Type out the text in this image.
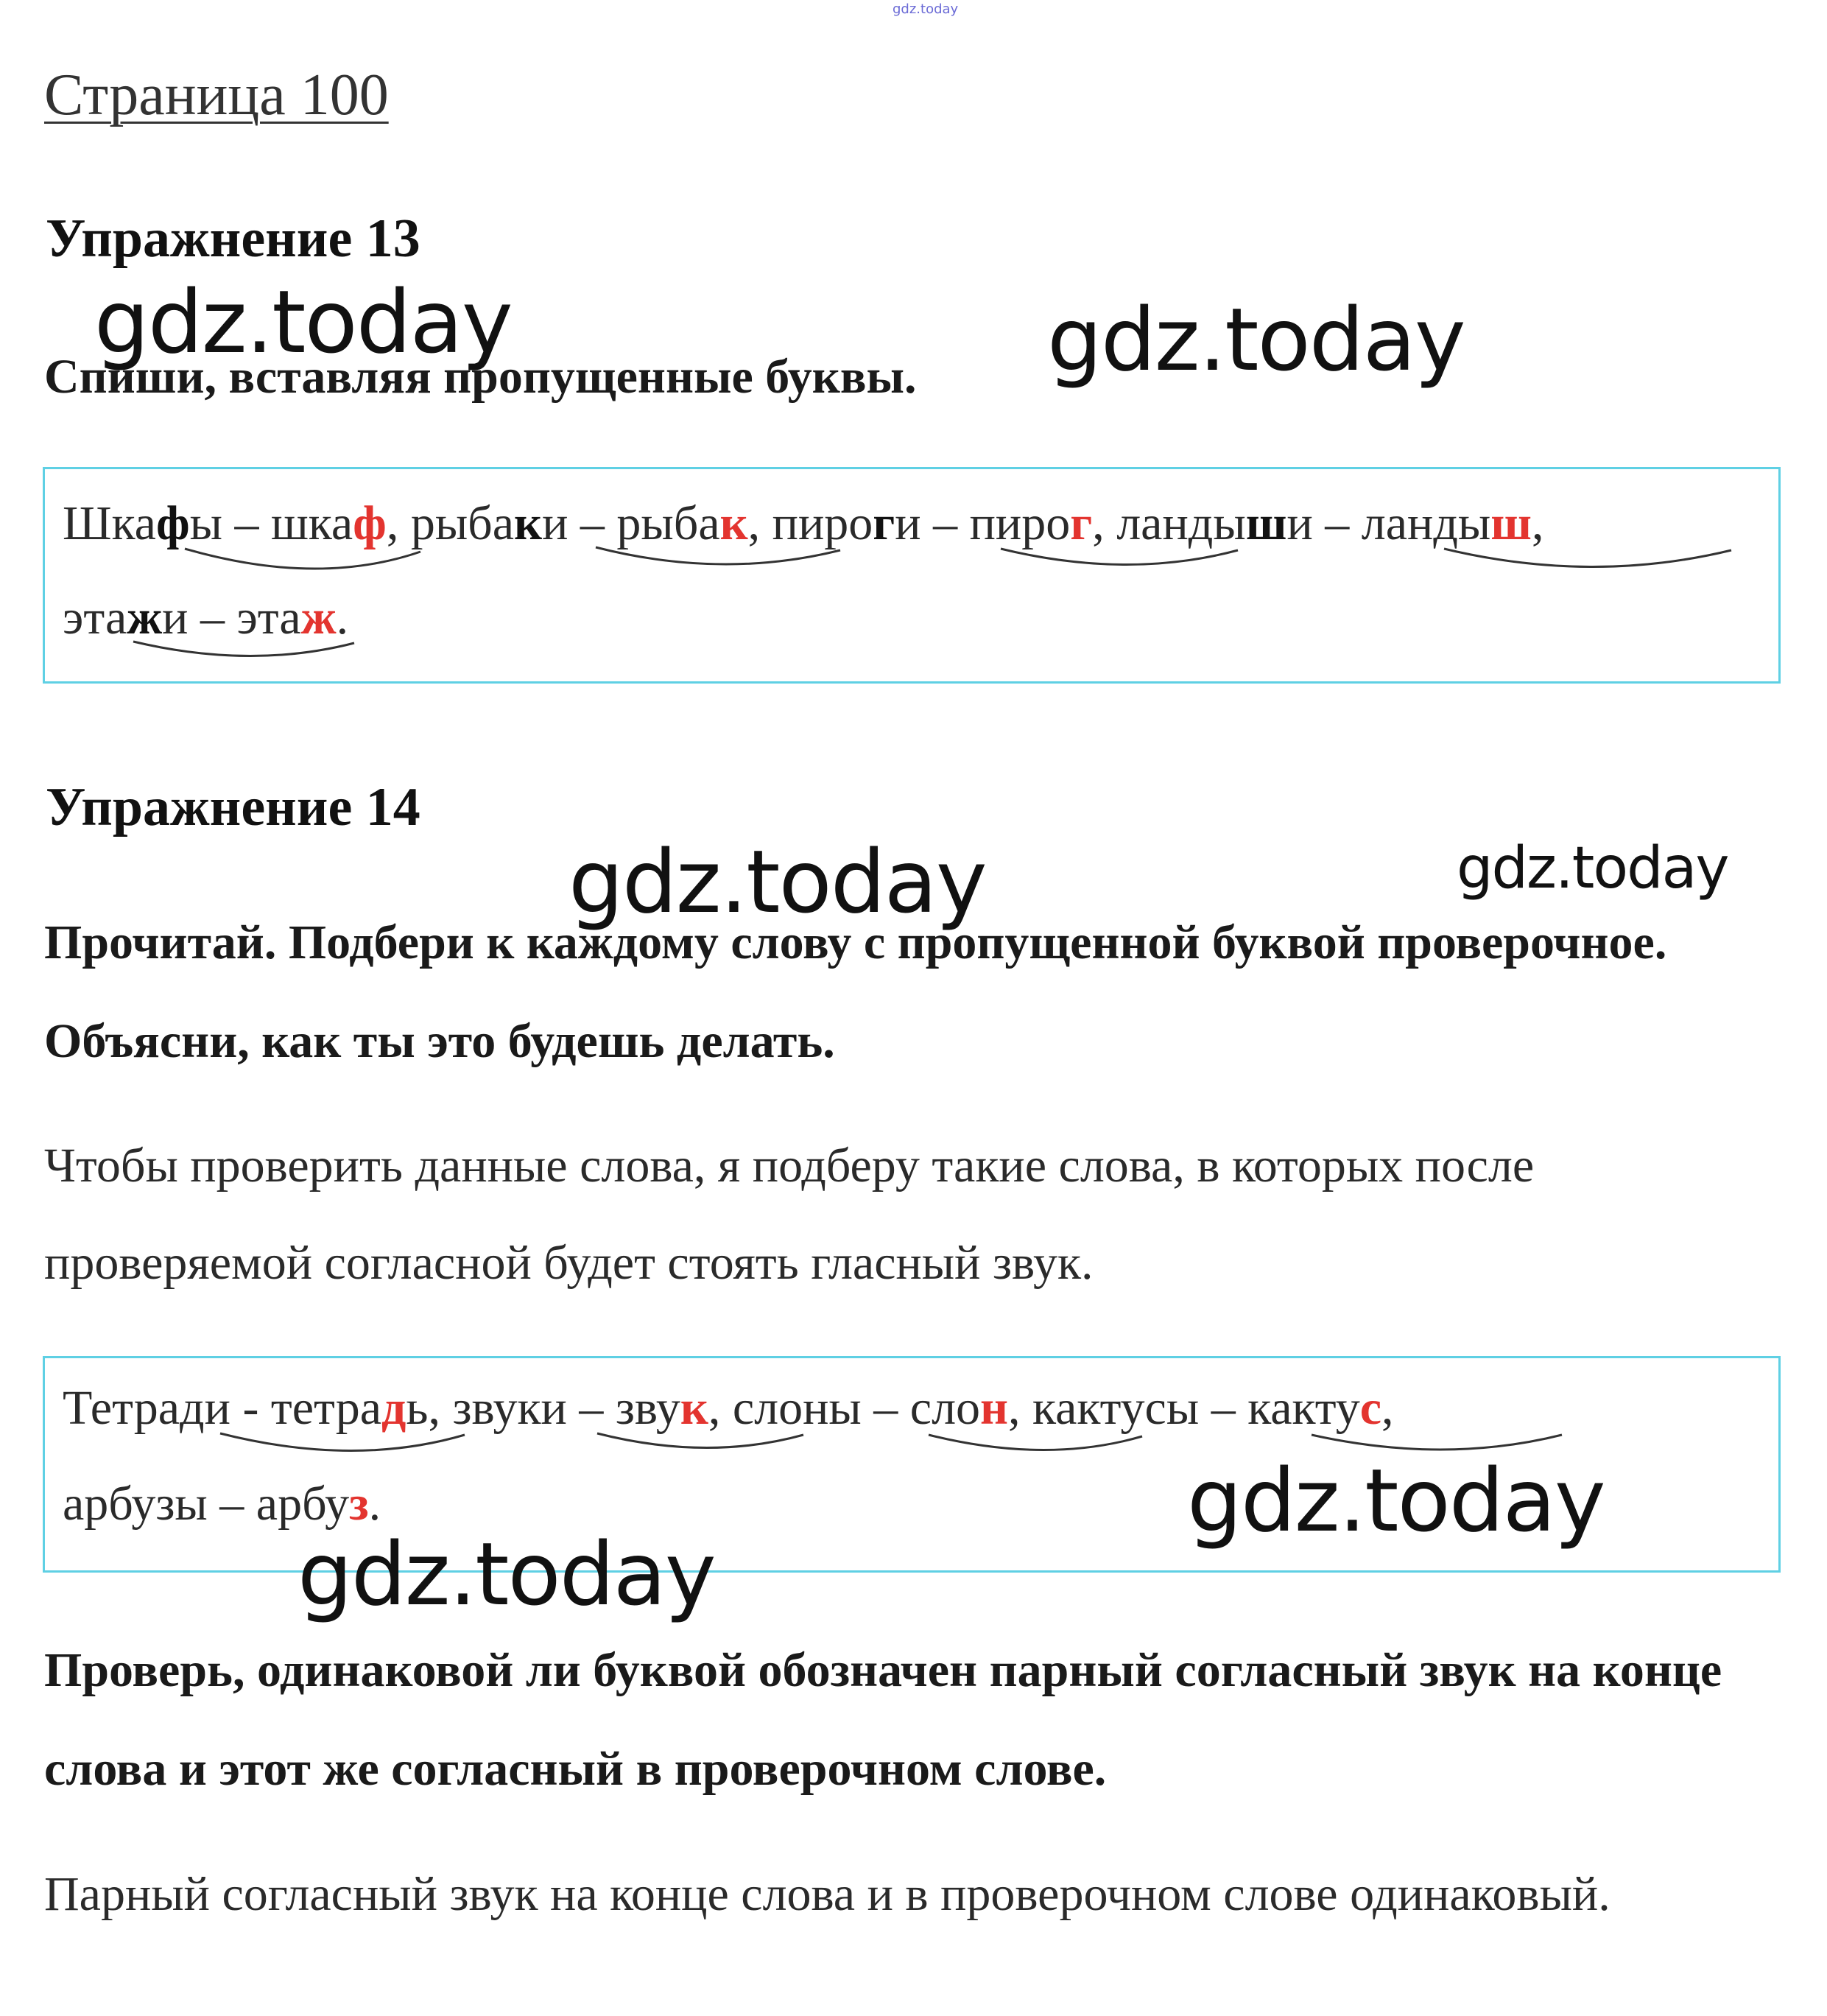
gdz.today
Страница 100
Упражнение 13
Спиши, вставляя пропущенные буквы.
Шкафы – шкаф, рыбаки – рыбак, пироги – пирог, ландыши – ландыш,
этажи – этаж.
Упражнение 14
Прочитай. Подбери к каждому слову с пропущенной буквой проверочное. Объясни, как ты это будешь делать.
Чтобы проверить данные слова, я подберу такие слова, в которых после проверяемой согласной будет стоять гласный звук.
Тетради - тетрадь, звуки – звук, слоны – слон, кактусы – кактус,
арбузы – арбуз.
Проверь, одинаковой ли буквой обозначен парный согласный звук на конце слова и этот же согласный в проверочном слове.
Парный согласный звук на конце слова и в проверочном слове одинаковый.
gdz.today	gdz.today
gdz.today	gdz.today
gdz.today
gdz.today
